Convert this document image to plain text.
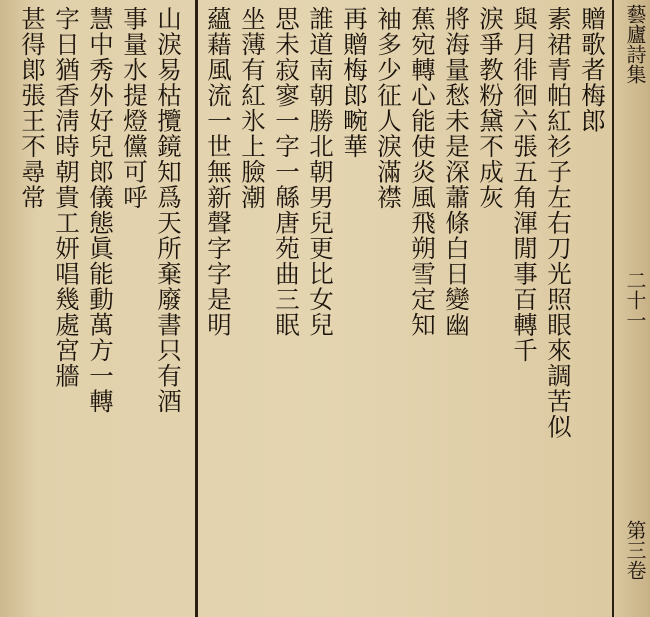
贈歌者梅郎
素裙青帕紅衫子左右刀光照眼來調苦似
與月徘徊六張五角渾閒事百轉千
淚爭教粉黛不成灰
將海量愁未是深蕭條白日變幽
蕉宛轉心能使炎風飛朔雪定知
袖多少征人淚滿襟
再贈梅郎畹華
誰道南朝勝北朝男兒更比女兒
思未寂寥一字一緜唐苑曲三眠
坐薄有紅氷上臉潮
蘊藉風流一世無新聲字字是明
山淚易枯攬鏡知爲天所棄廢書只有酒
事量水提燈儻可呼
慧中秀外好兒郎儀態眞能動萬方一轉
字日猶香淸時朝貴工妍唱幾處宮牆
甚得郞張王不尋常	藝廬詩集
二十一
第三卷
